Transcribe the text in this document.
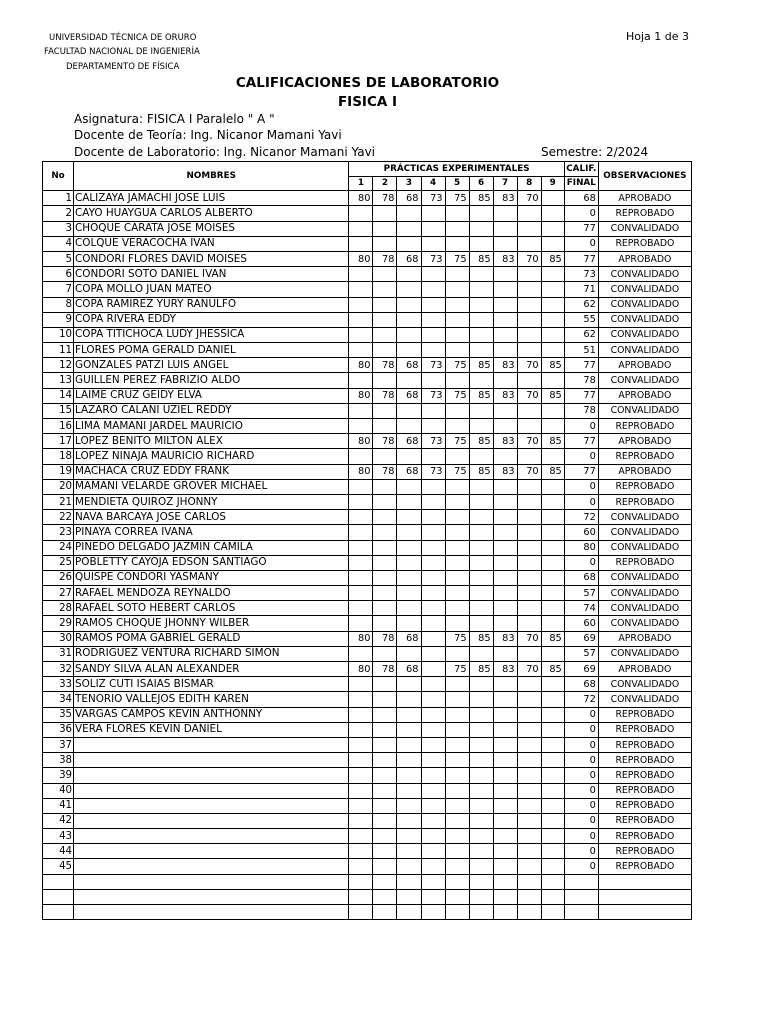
UNIVERSIDAD TÉCNICA DE ORURO
FACULTAD NACIONAL DE INGENIERÍA
DEPARTAMENTO DE FÍSICA
Hoja 1 de 3
CALIFICACIONES DE LABORATORIO
FISICA I
Asignatura: FISICA I Paralelo " A "
Docente de Teoría: Ing. Nicanor Mamani Yavi
Docente de Laboratorio: Ing. Nicanor Mamani Yavi	Semestre: 2/2024
No	NOMBRES	PRÁCTICAS EXPERIMENTALES									CALIF.	OBSERVACIONES
		1	2	3	4	5	6	7	8	9	FINAL	
1	CALIZAYA JAMACHI JOSE LUIS	80	78	68	73	75	85	83	70		68	APROBADO
2	CAYO HUAYGUA CARLOS ALBERTO										0	REPROBADO
3	CHOQUE CARATA JOSE MOISES										77	CONVALIDADO
4	COLQUE VERACOCHA IVAN										0	REPROBADO
5	CONDORI FLORES DAVID MOISES	80	78	68	73	75	85	83	70	85	77	APROBADO
6	CONDORI SOTO DANIEL IVAN										73	CONVALIDADO
7	COPA MOLLO JUAN MATEO										71	CONVALIDADO
8	COPA RAMIREZ YURY RANULFO										62	CONVALIDADO
9	COPA RIVERA EDDY										55	CONVALIDADO
10	COPA TITICHOCA LUDY JHESSICA										62	CONVALIDADO
11	FLORES POMA GERALD DANIEL										51	CONVALIDADO
12	GONZALES PATZI LUIS ANGEL	80	78	68	73	75	85	83	70	85	77	APROBADO
13	GUILLEN PEREZ FABRIZIO ALDO										78	CONVALIDADO
14	LAIME CRUZ GEIDY ELVA	80	78	68	73	75	85	83	70	85	77	APROBADO
15	LAZARO CALANI UZIEL REDDY										78	CONVALIDADO
16	LIMA MAMANI JARDEL MAURICIO										0	REPROBADO
17	LOPEZ BENITO MILTON ALEX	80	78	68	73	75	85	83	70	85	77	APROBADO
18	LOPEZ NINAJA MAURICIO RICHARD										0	REPROBADO
19	MACHACA CRUZ EDDY FRANK	80	78	68	73	75	85	83	70	85	77	APROBADO
20	MAMANI VELARDE GROVER MICHAEL										0	REPROBADO
21	MENDIETA QUIROZ JHONNY										0	REPROBADO
22	NAVA BARCAYA JOSE CARLOS										72	CONVALIDADO
23	PINAYA CORREA IVANA										60	CONVALIDADO
24	PINEDO DELGADO JAZMIN CAMILA										80	CONVALIDADO
25	POBLETTY CAYOJA EDSON SANTIAGO										0	REPROBADO
26	QUISPE CONDORI YASMANY										68	CONVALIDADO
27	RAFAEL MENDOZA REYNALDO										57	CONVALIDADO
28	RAFAEL SOTO HEBERT CARLOS										74	CONVALIDADO
29	RAMOS CHOQUE JHONNY WILBER										60	CONVALIDADO
30	RAMOS POMA GABRIEL GERALD	80	78	68		75	85	83	70	85	69	APROBADO
31	RODRIGUEZ VENTURA RICHARD SIMON										57	CONVALIDADO
32	SANDY SILVA ALAN ALEXANDER	80	78	68		75	85	83	70	85	69	APROBADO
33	SOLIZ CUTI ISAIAS BISMAR										68	CONVALIDADO
34	TENORIO VALLEJOS EDITH KAREN										72	CONVALIDADO
35	VARGAS CAMPOS KEVIN ANTHONNY										0	REPROBADO
36	VERA FLORES KEVIN DANIEL										0	REPROBADO
37											0	REPROBADO
38											0	REPROBADO
39											0	REPROBADO
40											0	REPROBADO
41											0	REPROBADO
42											0	REPROBADO
43											0	REPROBADO
44											0	REPROBADO
45											0	REPROBADO
